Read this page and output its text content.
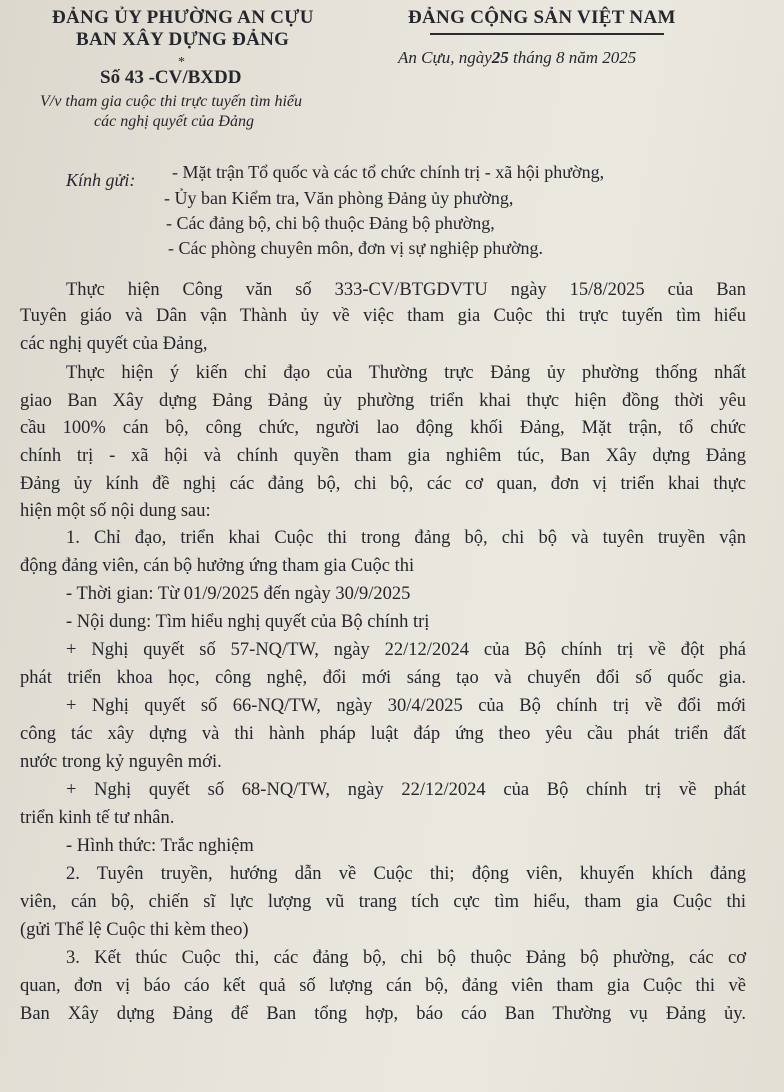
ĐẢNG ỦY PHƯỜNG AN CỰU
BAN XÂY DỰNG ĐẢNG
*
ĐẢNG CỘNG SẢN VIỆT NAM
An Cựu, ngày25 tháng 8 năm 2025
Số 43 -CV/BXDD
V/v tham gia cuộc thi trực tuyến tìm hiểu
các nghị quyết của Đảng
Kính gửi: - Mặt trận Tổ quốc và các tổ chức chính trị - xã hội phường,
- Ủy ban Kiểm tra, Văn phòng Đảng ủy phường,
- Các đảng bộ, chi bộ thuộc Đảng bộ phường,
- Các phòng chuyên môn, đơn vị sự nghiệp phường.
Thực hiện Công văn số 333-CV/BTGDVTU ngày 15/8/2025 của Ban
Tuyên giáo và Dân vận Thành ủy về việc tham gia Cuộc thi trực tuyến tìm hiểu
các nghị quyết của Đảng,
Thực hiện ý kiến chỉ đạo của Thường trực Đảng ủy phường thống nhất
giao Ban Xây dựng Đảng Đảng ủy phường triển khai thực hiện đồng thời yêu
cầu 100% cán bộ, công chức, người lao động khối Đảng, Mặt trận, tổ chức
chính trị - xã hội và chính quyền tham gia nghiêm túc, Ban Xây dựng Đảng
Đảng ủy kính đề nghị các đảng bộ, chi bộ, các cơ quan, đơn vị triển khai thực
hiện một số nội dung sau:
1. Chỉ đạo, triển khai Cuộc thi trong đảng bộ, chi bộ và tuyên truyền vận
động đảng viên, cán bộ hưởng ứng tham gia Cuộc thi
- Thời gian: Từ 01/9/2025 đến ngày 30/9/2025
- Nội dung: Tìm hiểu nghị quyết của Bộ chính trị
+ Nghị quyết số 57-NQ/TW, ngày 22/12/2024 của Bộ chính trị về đột phá
phát triển khoa học, công nghệ, đổi mới sáng tạo và chuyển đổi số quốc gia.
+ Nghị quyết số 66-NQ/TW, ngày 30/4/2025 của Bộ chính trị về đổi mới
công tác xây dựng và thi hành pháp luật đáp ứng theo yêu cầu phát triển đất
nước trong kỷ nguyên mới.
+ Nghị quyết số 68-NQ/TW, ngày 22/12/2024 của Bộ chính trị về phát
triển kinh tế tư nhân.
- Hình thức: Trắc nghiệm
2. Tuyên truyền, hướng dẫn về Cuộc thi; động viên, khuyến khích đảng
viên, cán bộ, chiến sĩ lực lượng vũ trang tích cực tìm hiểu, tham gia Cuộc thi
(gửi Thể lệ Cuộc thi kèm theo)
3. Kết thúc Cuộc thi, các đảng bộ, chi bộ thuộc Đảng bộ phường, các cơ
quan, đơn vị báo cáo kết quả số lượng cán bộ, đảng viên tham gia Cuộc thi về
Ban Xây dựng Đảng để Ban tổng hợp, báo cáo Ban Thường vụ Đảng ủy.
